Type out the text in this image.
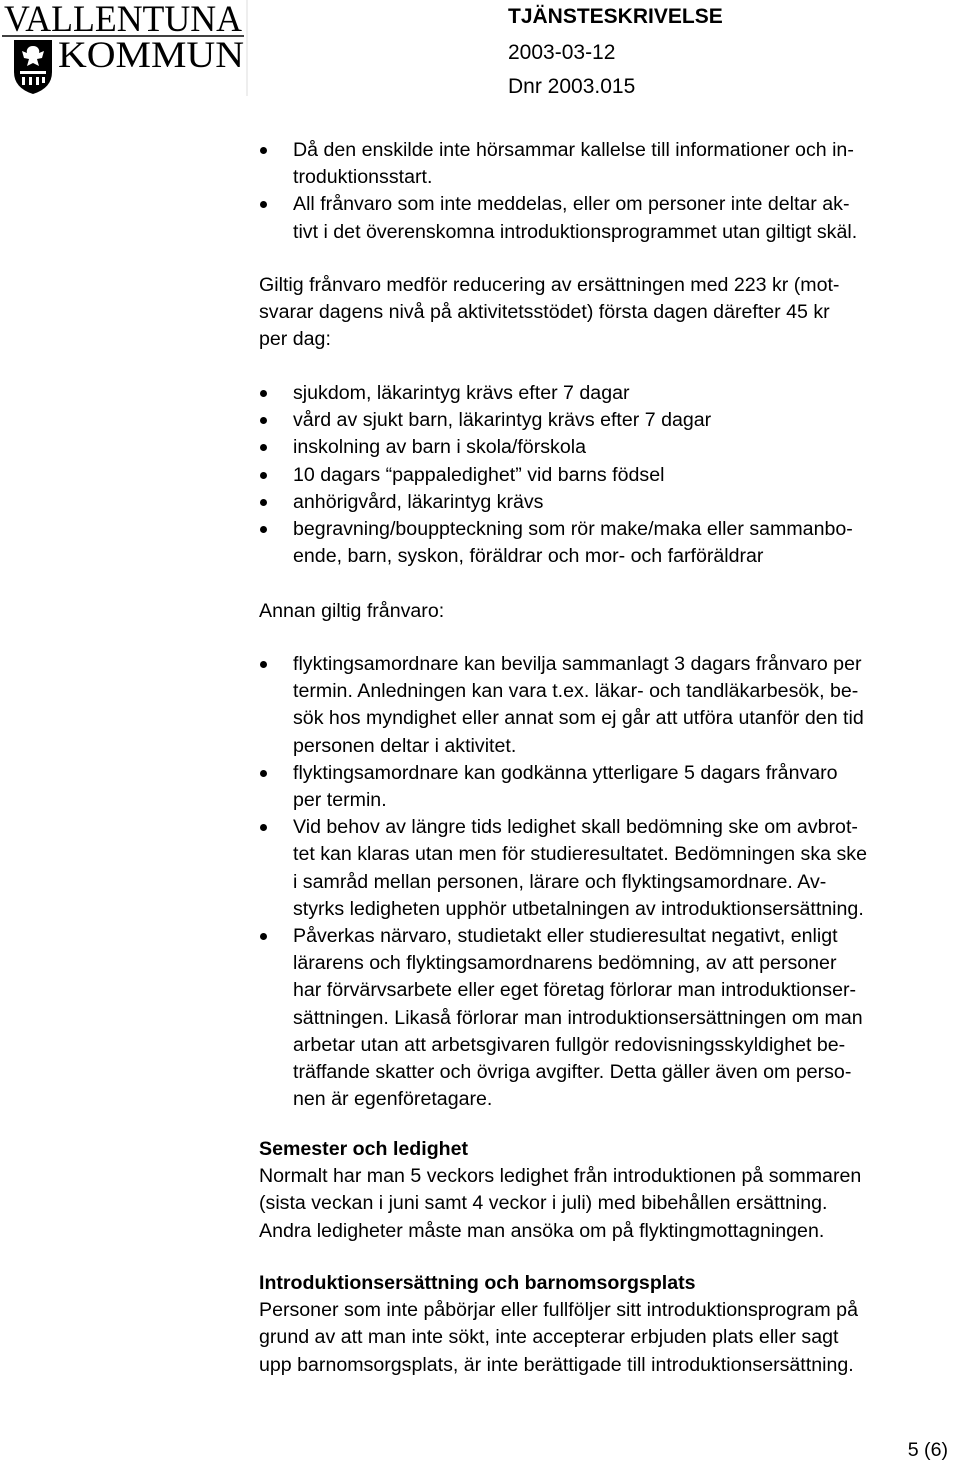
VALLENTUNA
KOMMUN
TJÄNSTESKRIVELSE
2003-03-12
Dnr 2003.015
Då den enskilde inte hörsammar kallelse till informationer och in-
troduktionsstart.
All frånvaro som inte meddelas, eller om personer inte deltar ak-
tivt i det överenskomna introduktionsprogrammet utan giltigt skäl.
Giltig frånvaro medför reducering av ersättningen med 223 kr (mot-
svarar dagens nivå på aktivitetsstödet) första dagen därefter 45 kr
per dag:
sjukdom, läkarintyg krävs efter 7 dagar
vård av sjukt barn, läkarintyg krävs efter 7 dagar
inskolning av barn i skola/förskola
10 dagars “pappaledighet” vid barns födsel
anhörigvård, läkarintyg krävs
begravning/bouppteckning som rör make/maka eller sammanbo-
ende, barn, syskon, föräldrar och mor- och farföräldrar
Annan giltig frånvaro:
flyktingsamordnare kan bevilja sammanlagt 3 dagars frånvaro per
termin. Anledningen kan vara t.ex. läkar- och tandläkarbesök, be-
sök hos myndighet eller annat som ej går att utföra utanför den tid
personen deltar i aktivitet.
flyktingsamordnare kan godkänna ytterligare 5 dagars frånvaro
per termin.
Vid behov av längre tids ledighet skall bedömning ske om avbrot-
tet kan klaras utan men för studieresultatet. Bedömningen ska ske
i samråd mellan personen, lärare och flyktingsamordnare. Av-
styrks ledigheten upphör utbetalningen av introduktionsersättning.
Påverkas närvaro, studietakt eller studieresultat negativt, enligt
lärarens och flyktingsamordnarens bedömning, av att personer
har förvärvsarbete eller eget företag förlorar man introduktionser-
sättningen. Likaså förlorar man introduktionsersättningen om man
arbetar utan att arbetsgivaren fullgör redovisningsskyldighet be-
träffande skatter och övriga avgifter. Detta gäller även om perso-
nen är egenföretagare.
Semester och ledighet
Normalt har man 5 veckors ledighet från introduktionen på sommaren
(sista veckan i juni samt 4 veckor i juli) med bibehållen ersättning.
Andra ledigheter måste man ansöka om på flyktingmottagningen.
Introduktionsersättning och barnomsorgsplats
Personer som inte påbörjar eller fullföljer sitt introduktionsprogram på
grund av att man inte sökt, inte accepterar erbjuden plats eller sagt
upp barnomsorgsplats, är inte berättigade till introduktionsersättning.
5 (6)
